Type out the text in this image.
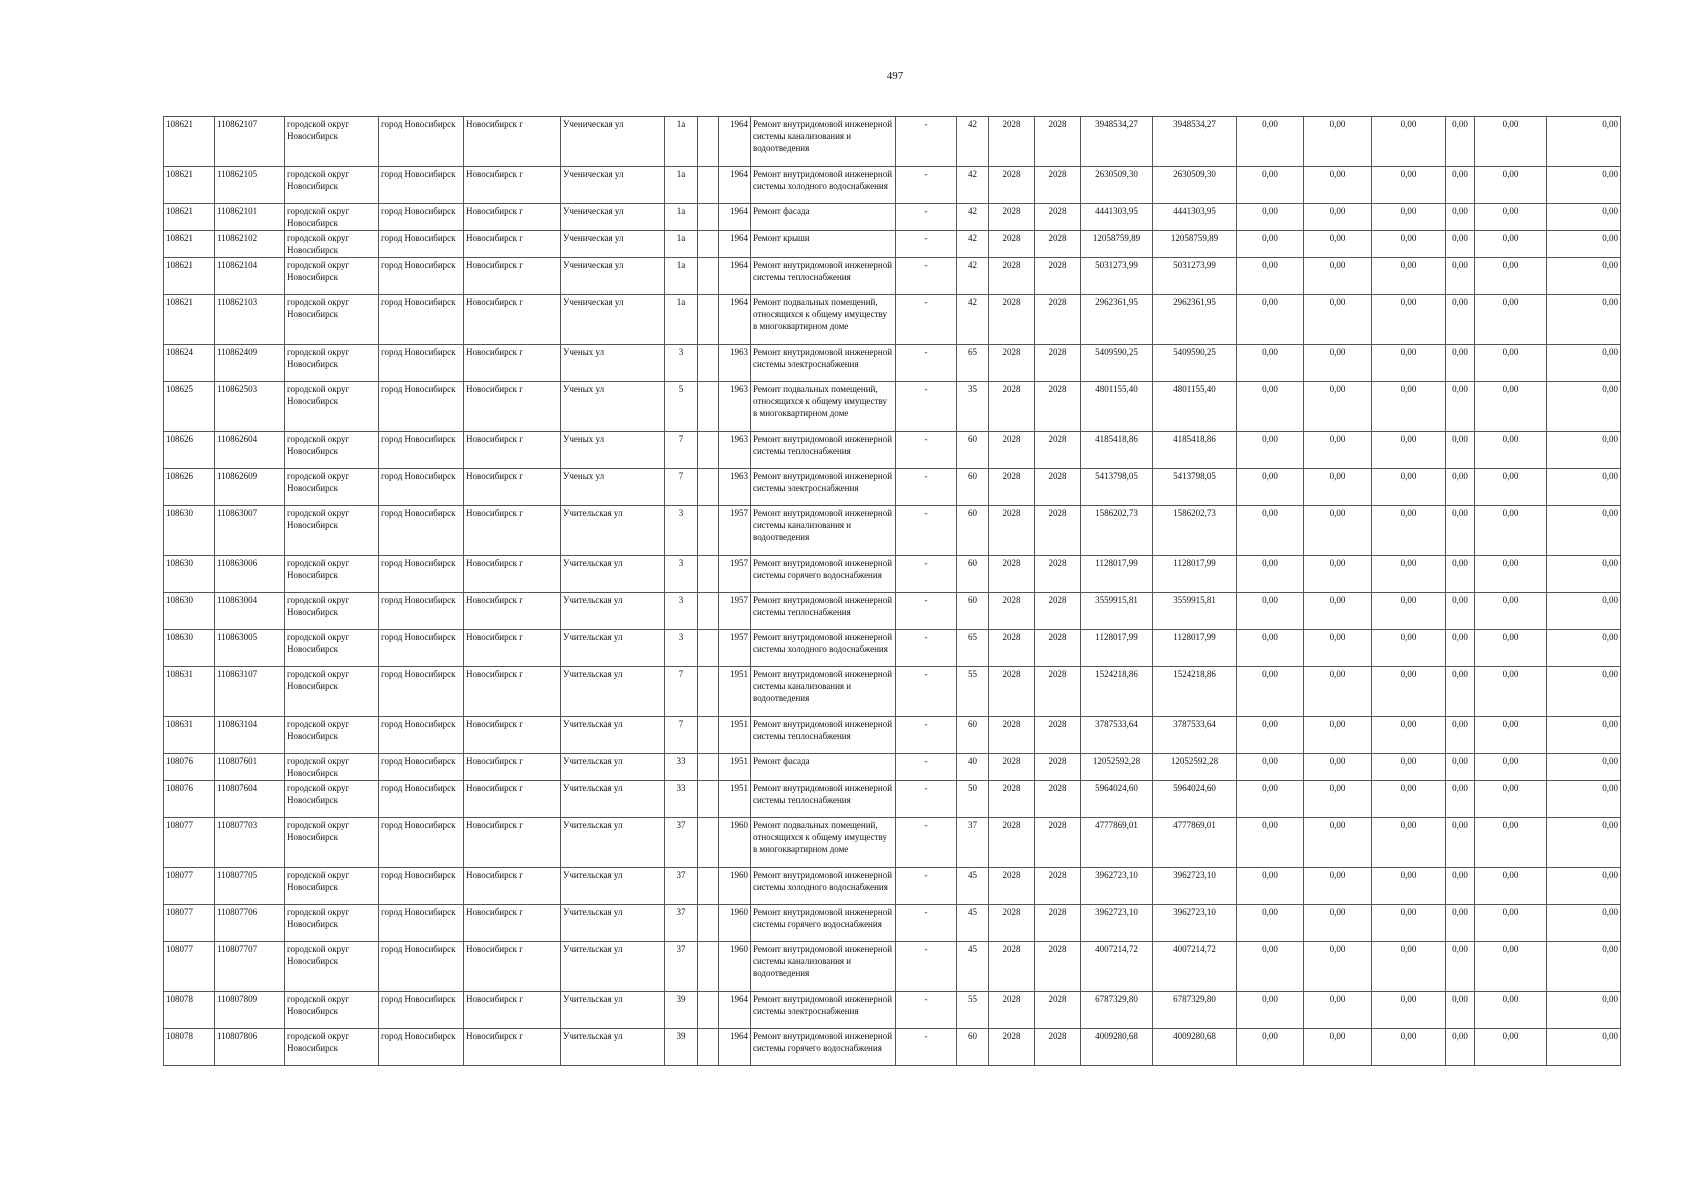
497
108621	110862107	городской округ Новосибирск	город Новосибирск	Новосибирск г	Ученическая ул	1а		1964	Ремонт внутридомовой инженерной системы канализования и водоотведения	-	42	2028	2028	3948534,27	3948534,27	0,00	0,00	0,00	0,00	0,00	0,00
108621	110862105	городской округ Новосибирск	город Новосибирск	Новосибирск г	Ученическая ул	1а		1964	Ремонт внутридомовой инженерной системы холодного водоснабжения	-	42	2028	2028	2630509,30	2630509,30	0,00	0,00	0,00	0,00	0,00	0,00
108621	110862101	городской округ Новосибирск	город Новосибирск	Новосибирск г	Ученическая ул	1а		1964	Ремонт фасада	-	42	2028	2028	4441303,95	4441303,95	0,00	0,00	0,00	0,00	0,00	0,00
108621	110862102	городской округ Новосибирск	город Новосибирск	Новосибирск г	Ученическая ул	1а		1964	Ремонт крыши	-	42	2028	2028	12058759,89	12058759,89	0,00	0,00	0,00	0,00	0,00	0,00
108621	110862104	городской округ Новосибирск	город Новосибирск	Новосибирск г	Ученическая ул	1а		1964	Ремонт внутридомовой инженерной системы теплоснабжения	-	42	2028	2028	5031273,99	5031273,99	0,00	0,00	0,00	0,00	0,00	0,00
108621	110862103	городской округ Новосибирск	город Новосибирск	Новосибирск г	Ученическая ул	1а		1964	Ремонт подвальных помещений, относящихся к общему имуществу в многоквартирном доме	-	42	2028	2028	2962361,95	2962361,95	0,00	0,00	0,00	0,00	0,00	0,00
108624	110862409	городской округ Новосибирск	город Новосибирск	Новосибирск г	Ученых ул	3		1963	Ремонт внутридомовой инженерной системы электроснабжения	-	65	2028	2028	5409590,25	5409590,25	0,00	0,00	0,00	0,00	0,00	0,00
108625	110862503	городской округ Новосибирск	город Новосибирск	Новосибирск г	Ученых ул	5		1963	Ремонт подвальных помещений, относящихся к общему имуществу в многоквартирном доме	-	35	2028	2028	4801155,40	4801155,40	0,00	0,00	0,00	0,00	0,00	0,00
108626	110862604	городской округ Новосибирск	город Новосибирск	Новосибирск г	Ученых ул	7		1963	Ремонт внутридомовой инженерной системы теплоснабжения	-	60	2028	2028	4185418,86	4185418,86	0,00	0,00	0,00	0,00	0,00	0,00
108626	110862609	городской округ Новосибирск	город Новосибирск	Новосибирск г	Ученых ул	7		1963	Ремонт внутридомовой инженерной системы электроснабжения	-	60	2028	2028	5413798,05	5413798,05	0,00	0,00	0,00	0,00	0,00	0,00
108630	110863007	городской округ Новосибирск	город Новосибирск	Новосибирск г	Учительская ул	3		1957	Ремонт внутридомовой инженерной системы канализования и водоотведения	-	60	2028	2028	1586202,73	1586202,73	0,00	0,00	0,00	0,00	0,00	0,00
108630	110863006	городской округ Новосибирск	город Новосибирск	Новосибирск г	Учительская ул	3		1957	Ремонт внутридомовой инженерной системы горячего водоснабжения	-	60	2028	2028	1128017,99	1128017,99	0,00	0,00	0,00	0,00	0,00	0,00
108630	110863004	городской округ Новосибирск	город Новосибирск	Новосибирск г	Учительская ул	3		1957	Ремонт внутридомовой инженерной системы теплоснабжения	-	60	2028	2028	3559915,81	3559915,81	0,00	0,00	0,00	0,00	0,00	0,00
108630	110863005	городской округ Новосибирск	город Новосибирск	Новосибирск г	Учительская ул	3		1957	Ремонт внутридомовой инженерной системы холодного водоснабжения	-	65	2028	2028	1128017,99	1128017,99	0,00	0,00	0,00	0,00	0,00	0,00
108631	110863107	городской округ Новосибирск	город Новосибирск	Новосибирск г	Учительская ул	7		1951	Ремонт внутридомовой инженерной системы канализования и водоотведения	-	55	2028	2028	1524218,86	1524218,86	0,00	0,00	0,00	0,00	0,00	0,00
108631	110863104	городской округ Новосибирск	город Новосибирск	Новосибирск г	Учительская ул	7		1951	Ремонт внутридомовой инженерной системы теплоснабжения	-	60	2028	2028	3787533,64	3787533,64	0,00	0,00	0,00	0,00	0,00	0,00
108076	110807601	городской округ Новосибирск	город Новосибирск	Новосибирск г	Учительская ул	33		1951	Ремонт фасада	-	40	2028	2028	12052592,28	12052592,28	0,00	0,00	0,00	0,00	0,00	0,00
108076	110807604	городской округ Новосибирск	город Новосибирск	Новосибирск г	Учительская ул	33		1951	Ремонт внутридомовой инженерной системы теплоснабжения	-	50	2028	2028	5964024,60	5964024,60	0,00	0,00	0,00	0,00	0,00	0,00
108077	110807703	городской округ Новосибирск	город Новосибирск	Новосибирск г	Учительская ул	37		1960	Ремонт подвальных помещений, относящихся к общему имуществу в многоквартирном доме	-	37	2028	2028	4777869,01	4777869,01	0,00	0,00	0,00	0,00	0,00	0,00
108077	110807705	городской округ Новосибирск	город Новосибирск	Новосибирск г	Учительская ул	37		1960	Ремонт внутридомовой инженерной системы холодного водоснабжения	-	45	2028	2028	3962723,10	3962723,10	0,00	0,00	0,00	0,00	0,00	0,00
108077	110807706	городской округ Новосибирск	город Новосибирск	Новосибирск г	Учительская ул	37		1960	Ремонт внутридомовой инженерной системы горячего водоснабжения	-	45	2028	2028	3962723,10	3962723,10	0,00	0,00	0,00	0,00	0,00	0,00
108077	110807707	городской округ Новосибирск	город Новосибирск	Новосибирск г	Учительская ул	37		1960	Ремонт внутридомовой инженерной системы канализования и водоотведения	-	45	2028	2028	4007214,72	4007214,72	0,00	0,00	0,00	0,00	0,00	0,00
108078	110807809	городской округ Новосибирск	город Новосибирск	Новосибирск г	Учительская ул	39		1964	Ремонт внутридомовой инженерной системы электроснабжения	-	55	2028	2028	6787329,80	6787329,80	0,00	0,00	0,00	0,00	0,00	0,00
108078	110807806	городской округ Новосибирск	город Новосибирск	Новосибирск г	Учительская ул	39		1964	Ремонт внутридомовой инженерной системы горячего водоснабжения	-	60	2028	2028	4009280,68	4009280,68	0,00	0,00	0,00	0,00	0,00	0,00
